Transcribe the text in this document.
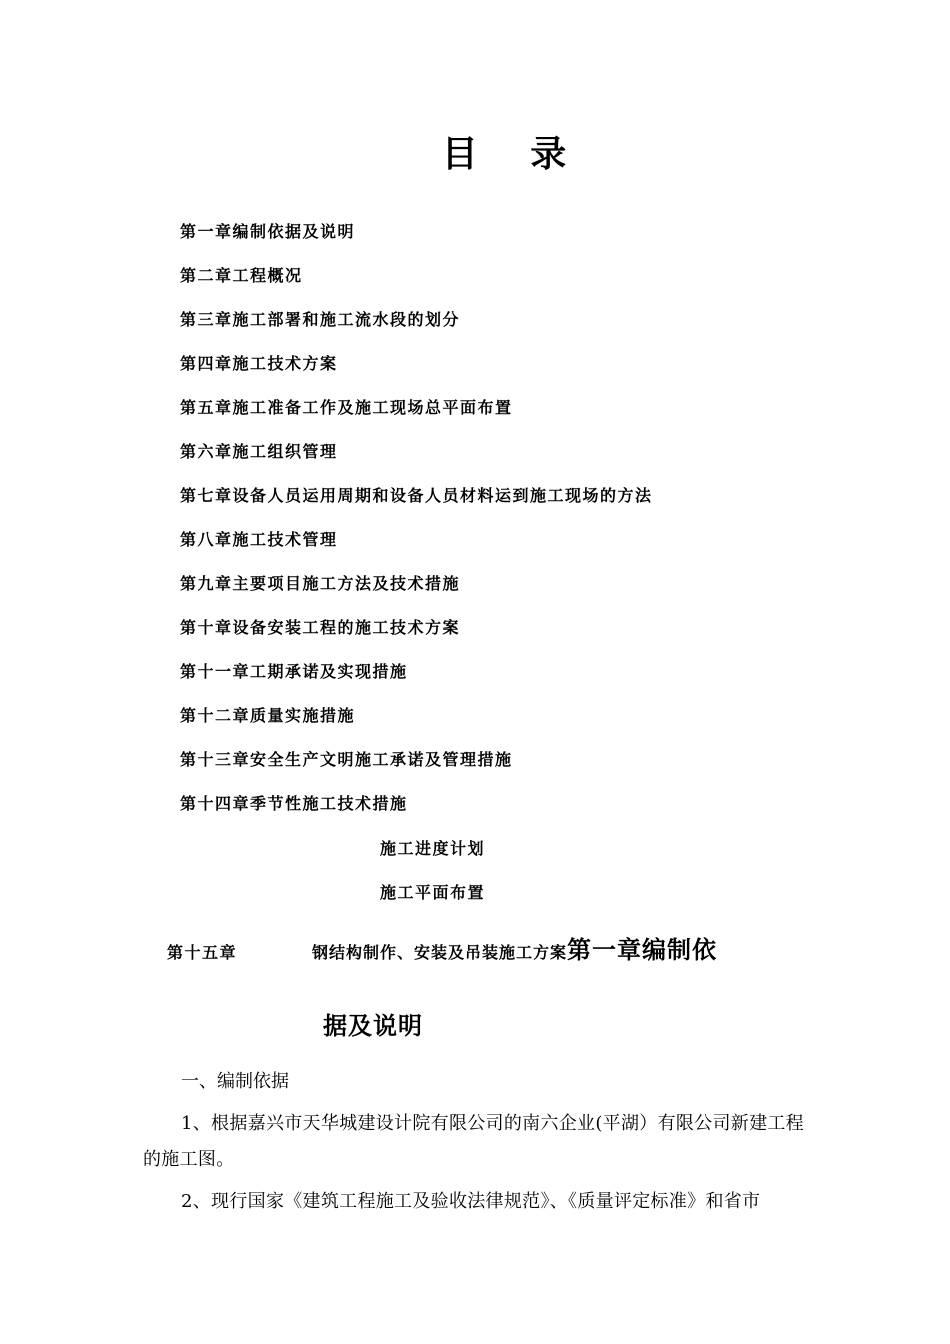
目 录
第一章编制依据及说明
第二章工程概况
第三章施工部署和施工流水段的划分
第四章施工技术方案
第五章施工准备工作及施工现场总平面布置
第六章施工组织管理
第七章设备人员运用周期和设备人员材料运到施工现场的方法
第八章施工技术管理
第九章主要项目施工方法及技术措施
第十章设备安装工程的施工技术方案
第十一章工期承诺及实现措施
第十二章质量实施措施
第十三章安全生产文明施工承诺及管理措施
第十四章季节性施工技术措施
施工进度计划
施工平面布置
第十五章	钢结构制作、安装及吊装施工方案第一章编制依
据及说明
一、编制依据
1、根据嘉兴市天华城建设计院有限公司的南六企业(平湖）有限公司新建工程的施工图。
2、现行国家《建筑工程施工及验收法律规范》、《质量评定标准》和省市
